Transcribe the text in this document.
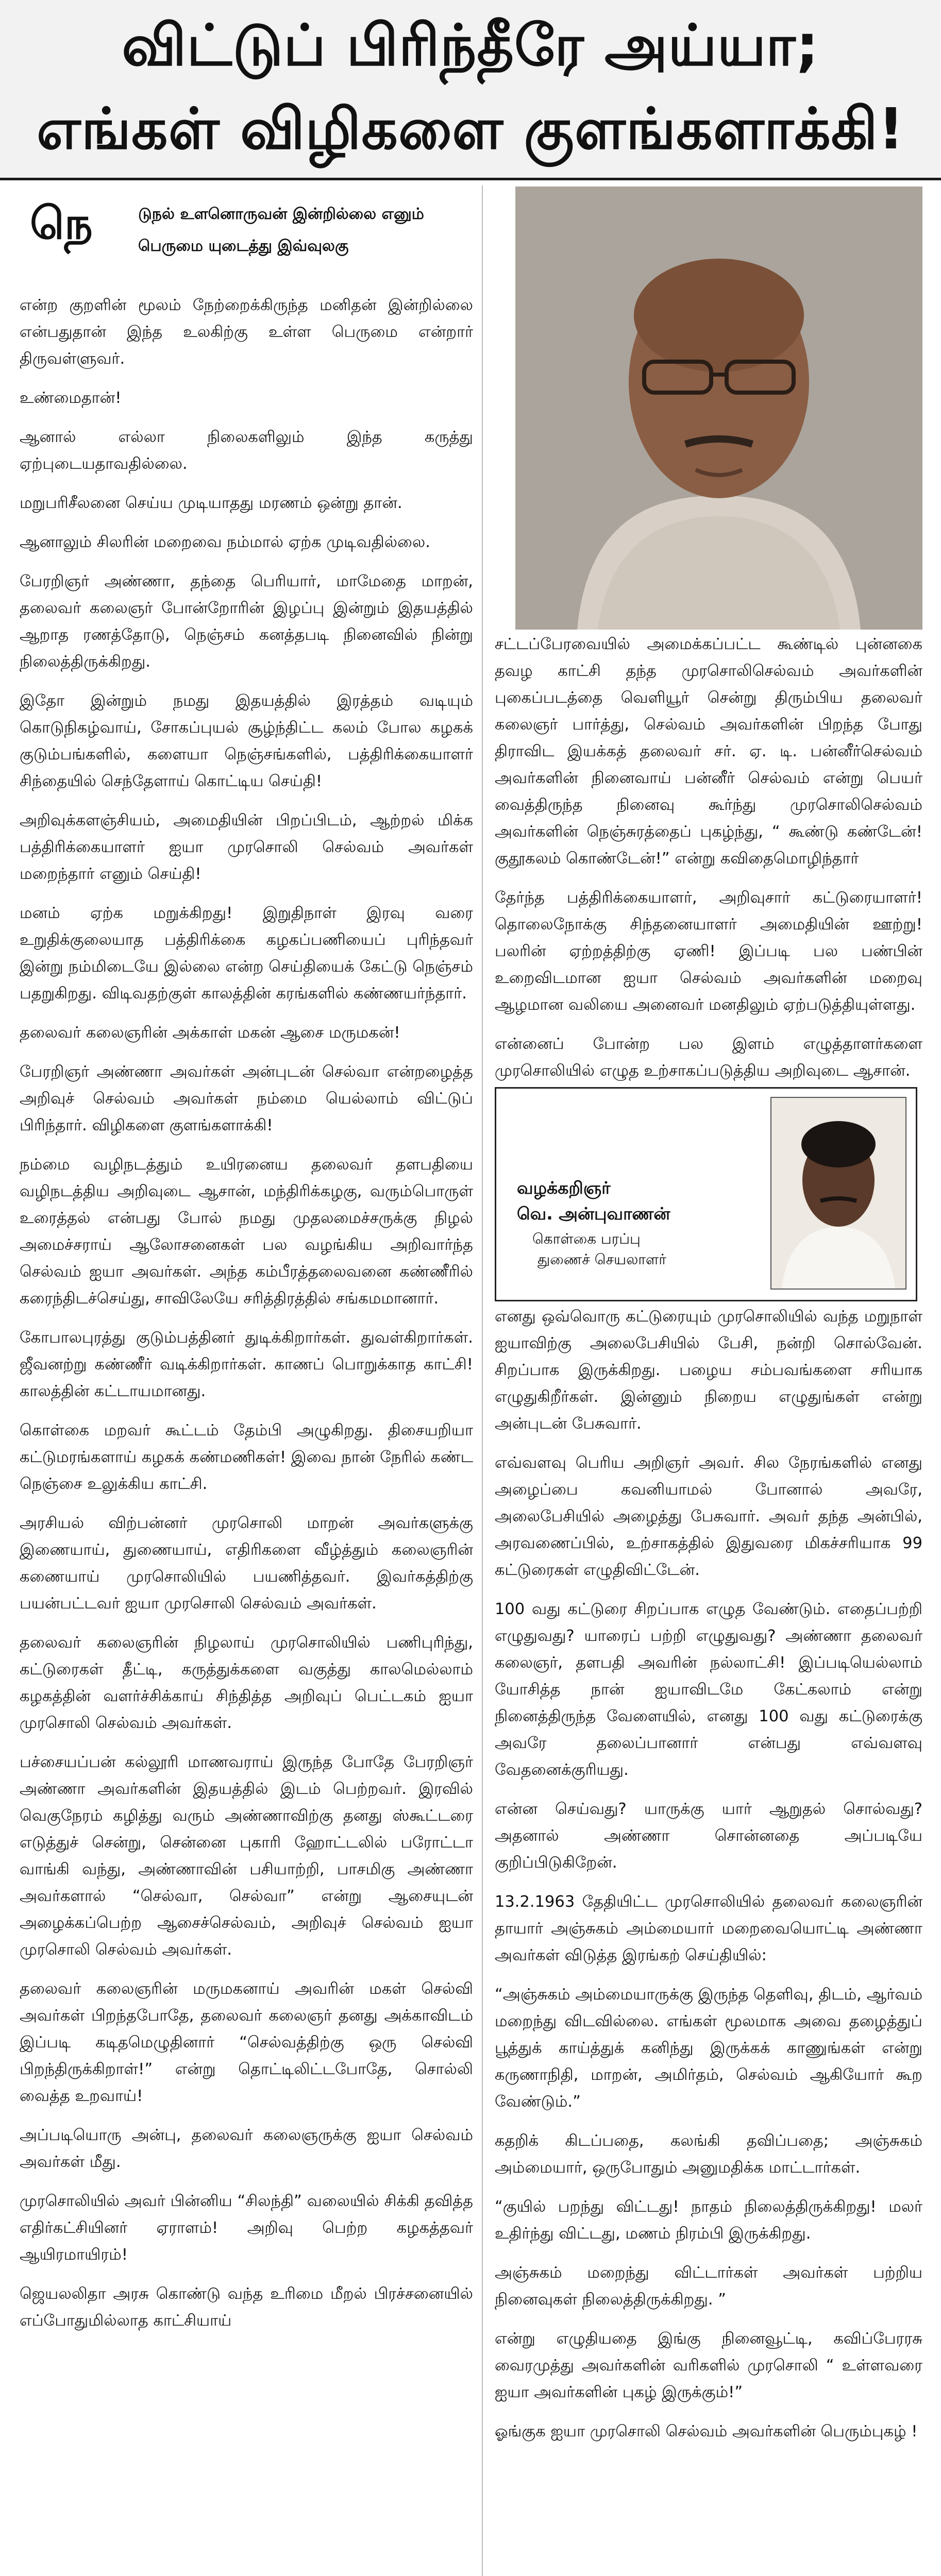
விட்டுப் பிரிந்தீரே அய்யா;
எங்கள் விழிகளை குளங்களாக்கி!
நெ	டுநல் உளனொருவன் இன்றில்லை எனும்
பெருமை யுடைத்து இவ்வுலகு

என்ற குறளின் மூலம் நேற்றைக்கிருந்த மனிதன் இன்றில்லை என்பதுதான் இந்த உலகிற்கு உள்ள பெருமை என்றார் திருவள்ளுவர்.

உண்மைதான்!

ஆனால் எல்லா நிலைகளிலும் இந்த கருத்து ஏற்புடையதாவதில்லை.

மறுபரிசீலனை செய்ய முடியாதது மரணம் ஒன்று தான்.

ஆனாலும் சிலரின் மறைவை நம்மால் ஏற்க முடிவதில்லை.

பேரறிஞர் அண்ணா, தந்தை பெரியார், மாமேதை மாறன், தலைவர் கலைஞர் போன்றோரின் இழப்பு இன்றும் இதயத்தில் ஆறாத ரணத்தோடு, நெஞ்சம் கனத்தபடி நினைவில் நின்று நிலைத்திருக்கிறது.

இதோ இன்றும் நமது இதயத்தில் இரத்தம் வடியும் கொடுநிகழ்வாய், சோகப்புயல் சூழ்ந்திட்ட கலம் போல கழகக் குடும்பங்களில், களையா நெஞ்சங்களில், பத்திரிக்கையாளர் சிந்தையில் செந்தேளாய் கொட்டிய செய்தி!

அறிவுக்களஞ்சியம், அமைதியின் பிறப்பிடம், ஆற்றல் மிக்க பத்திரிக்கையாளர் ஐயா முரசொலி செல்வம் அவர்கள் மறைந்தார் எனும் செய்தி!

மனம் ஏற்க மறுக்கிறது! இறுதிநாள் இரவு வரை உறுதிக்குலையாத பத்திரிக்கை கழகப்பணியைப் புரிந்தவர் இன்று நம்மிடையே இல்லை என்ற செய்தியைக் கேட்டு நெஞ்சம் பதறுகிறது. விடிவதற்குள் காலத்தின் கரங்களில் கண்ணயர்ந்தார்.

தலைவர் கலைஞரின் அக்காள் மகன் ஆசை மருமகன்!

பேரறிஞர் அண்ணா அவர்கள் அன்புடன் செல்வா என்றழைத்த அறிவுச் செல்வம் அவர்கள் நம்மை யெல்லாம் விட்டுப் பிரிந்தார். விழிகளை குளங்களாக்கி!

நம்மை வழிநடத்தும் உயிரனைய தலைவர் தளபதியை வழிநடத்திய அறிவுடை ஆசான், மந்திரிக்கழகு, வரும்பொருள் உரைத்தல் என்பது போல் நமது முதலமைச்சருக்கு நிழல் அமைச்சராய் ஆலோசனைகள் பல வழங்கிய அறிவார்ந்த செல்வம் ஐயா அவர்கள். அந்த கம்பீரத்தலைவனை கண்ணீரில் கரைந்திடச்செய்து, சாவிலேயே சரித்திரத்தில் சங்கமமானார்.

கோபாலபுரத்து குடும்பத்தினர் துடிக்கிறார்கள். துவள்கிறார்கள். ஜீவனற்று கண்ணீர் வடிக்கிறார்கள். காணப் பொறுக்காத காட்சி! காலத்தின் கட்டாயமானது.

கொள்கை மறவர் கூட்டம் தேம்பி அழுகிறது. திசையறியா கட்டுமரங்களாய் கழகக் கண்மணிகள்! இவை நான் நேரில் கண்ட நெஞ்சை உலுக்கிய காட்சி.

அரசியல் விற்பன்னர் முரசொலி மாறன் அவர்களுக்கு இணையாய், துணையாய், எதிரிகளை வீழ்த்தும் கலைஞரின் கணையாய் முரசொலியில் பயணித்தவர். இவர்கத்திற்கு பயன்பட்டவர் ஐயா முரசொலி செல்வம் அவர்கள்.

தலைவர் கலைஞரின் நிழலாய் முரசொலியில் பணிபுரிந்து, கட்டுரைகள் தீட்டி, கருத்துக்களை வகுத்து காலமெல்லாம் கழகத்தின் வளர்ச்சிக்காய் சிந்தித்த அறிவுப் பெட்டகம் ஐயா முரசொலி செல்வம் அவர்கள்.

பச்சையப்பன் கல்லூரி மாணவராய் இருந்த போதே பேரறிஞர் அண்ணா அவர்களின் இதயத்தில் இடம் பெற்றவர். இரவில் வெகுநேரம் கழித்து வரும் அண்ணாவிற்கு தனது ஸ்கூட்டரை எடுத்துச் சென்று, சென்னை புகாரி ஹோட்டலில் பரோட்டா வாங்கி வந்து, அண்ணாவின் பசியாற்றி, பாசமிகு அண்ணா அவர்களால் “செல்வா, செல்வா” என்று ஆசையுடன் அழைக்கப்பெற்ற ஆசைச்செல்வம், அறிவுச் செல்வம் ஐயா முரசொலி செல்வம் அவர்கள்.

தலைவர் கலைஞரின் மருமகனாய் அவரின் மகள் செல்வி அவர்கள் பிறந்தபோதே, தலைவர் கலைஞர் தனது அக்காவிடம் இப்படி கடிதமெழுதினார் “செல்வத்திற்கு ஒரு செல்வி பிறந்திருக்கிறாள்!” என்று தொட்டிலிட்டபோதே, சொல்லி வைத்த உறவாய்!

அப்படியொரு அன்பு, தலைவர் கலைஞருக்கு ஐயா செல்வம் அவர்கள் மீது.

முரசொலியில் அவர் பின்னிய “சிலந்தி” வலையில் சிக்கி தவித்த எதிர்கட்சியினர் ஏராளம்! அறிவு பெற்ற கழகத்தவர் ஆயிரமாயிரம்!

ஜெயலலிதா அரசு கொண்டு வந்த உரிமை மீறல் பிரச்சனையில் எப்போதுமில்லாத காட்சியாய்

சட்டப்பேரவையில் அமைக்கப்பட்ட கூண்டில் புன்னகை தவழ காட்சி தந்த முரசொலிசெல்வம் அவர்களின் புகைப்படத்தை வெளியூர் சென்று திரும்பிய தலைவர் கலைஞர் பார்த்து, செல்வம் அவர்களின் பிறந்த போது திராவிட இயக்கத் தலைவர் சர். ஏ. டி. பன்னீர்செல்வம் அவர்களின் நினைவாய் பன்னீர் செல்வம் என்று பெயர் வைத்திருந்த நினைவு கூர்ந்து முரசொலிசெல்வம் அவர்களின் நெஞ்சுரத்தைப் புகழ்ந்து, “ கூண்டு கண்டேன்! குதூகலம் கொண்டேன்!” என்று கவிதைமொழிந்தார்

தேர்ந்த பத்திரிக்கையாளர், அறிவுசார் கட்டுரையாளர்! தொலைநோக்கு சிந்தனையாளர் அமைதியின் ஊற்று! பலரின் ஏற்றத்திற்கு ஏணி! இப்படி பல பண்பின் உறைவிடமான ஐயா செல்வம் அவர்களின் மறைவு ஆழமான வலியை அனைவர் மனதிலும் ஏற்படுத்தியுள்ளது.

என்னைப் போன்ற பல இளம் எழுத்தாளர்களை முரசொலியில் எழுத உற்சாகப்படுத்திய அறிவுடை ஆசான்.

வழக்கறிஞர்
வெ. அன்புவாணன்
கொள்கை பரப்பு
துணைச் செயலாளர்

எனது ஒவ்வொரு கட்டுரையும் முரசொலியில் வந்த மறுநாள் ஐயாவிற்கு அலைபேசியில் பேசி, நன்றி சொல்வேன். சிறப்பாக இருக்கிறது. பழைய சம்பவங்களை சரியாக எழுதுகிறீர்கள். இன்னும் நிறைய எழுதுங்கள் என்று அன்புடன் பேசுவார்.

எவ்வளவு பெரிய அறிஞர் அவர். சில நேரங்களில் எனது அழைப்பை கவனியாமல் போனால் அவரே, அலைபேசியில் அழைத்து பேசுவார். அவர் தந்த அன்பில், அரவணைப்பில், உற்சாகத்தில் இதுவரை மிகச்சரியாக 99 கட்டுரைகள் எழுதிவிட்டேன்.

100 வது கட்டுரை சிறப்பாக எழுத வேண்டும். எதைப்பற்றி எழுதுவது? யாரைப் பற்றி எழுதுவது? அண்ணா தலைவர் கலைஞர், தளபதி அவரின் நல்லாட்சி! இப்படியெல்லாம் யோசித்த நான் ஐயாவிடமே கேட்கலாம் என்று நினைத்திருந்த வேளையில், எனது 100 வது கட்டுரைக்கு அவரே தலைப்பானார் என்பது எவ்வளவு வேதனைக்குரியது.

என்ன செய்வது? யாருக்கு யார் ஆறுதல் சொல்வது? அதனால் அண்ணா சொன்னதை அப்படியே குறிப்பிடுகிறேன்.

13.2.1963 தேதியிட்ட முரசொலியில் தலைவர் கலைஞரின் தாயார் அஞ்சுகம் அம்மையார் மறைவையொட்டி அண்ணா அவர்கள் விடுத்த இரங்கற் செய்தியில்:

“அஞ்சுகம் அம்மையாருக்கு இருந்த தெளிவு, திடம், ஆர்வம் மறைந்து விடவில்லை. எங்கள் மூலமாக அவை தழைத்துப் பூத்துக் காய்த்துக் கனிந்து இருக்கக் காணுங்கள் என்று கருணாநிதி, மாறன், அமிர்தம், செல்வம் ஆகியோர் கூற வேண்டும்.”

கதறிக் கிடப்பதை, கலங்கி தவிப்பதை; அஞ்சுகம் அம்மையார், ஒருபோதும் அனுமதிக்க மாட்டார்கள்.

“குயில் பறந்து விட்டது! நாதம் நிலைத்திருக்கிறது! மலர் உதிர்ந்து விட்டது, மணம் நிரம்பி இருக்கிறது.

அஞ்சுகம் மறைந்து விட்டார்கள் அவர்கள் பற்றிய நினைவுகள் நிலைத்திருக்கிறது. ”

என்று எழுதியதை இங்கு நினைவூட்டி, கவிப்பேரரசு வைரமுத்து அவர்களின் வரிகளில் முரசொலி “ உள்ளவரை ஐயா அவர்களின் புகழ் இருக்கும்!”

ஓங்குக ஐயா முரசொலி செல்வம் அவர்களின் பெரும்புகழ் !
